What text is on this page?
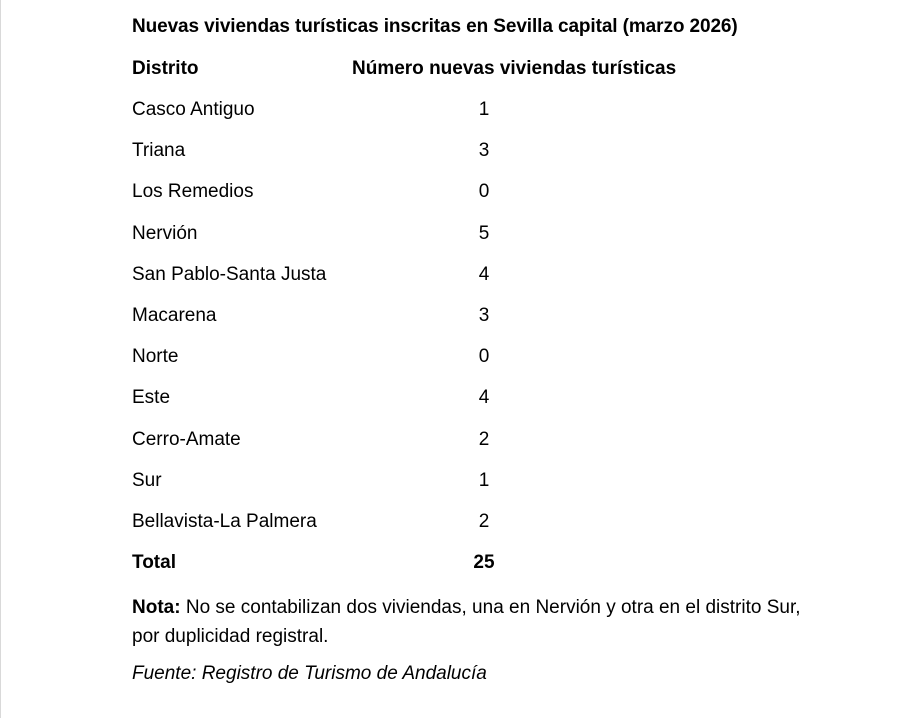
Nuevas viviendas turísticas inscritas en Sevilla capital (marzo 2026)
Distrito	Número nuevas viviendas turísticas
Casco Antiguo	1
Triana	3
Los Remedios	0
Nervión	5
San Pablo-Santa Justa	4
Macarena	3
Norte	0
Este	4
Cerro-Amate	2
Sur	1
Bellavista-La Palmera	2
Total	25
Nota: No se contabilizan dos viviendas, una en Nervión y otra en el distrito Sur, por duplicidad registral.
Fuente: Registro de Turismo de Andalucía
